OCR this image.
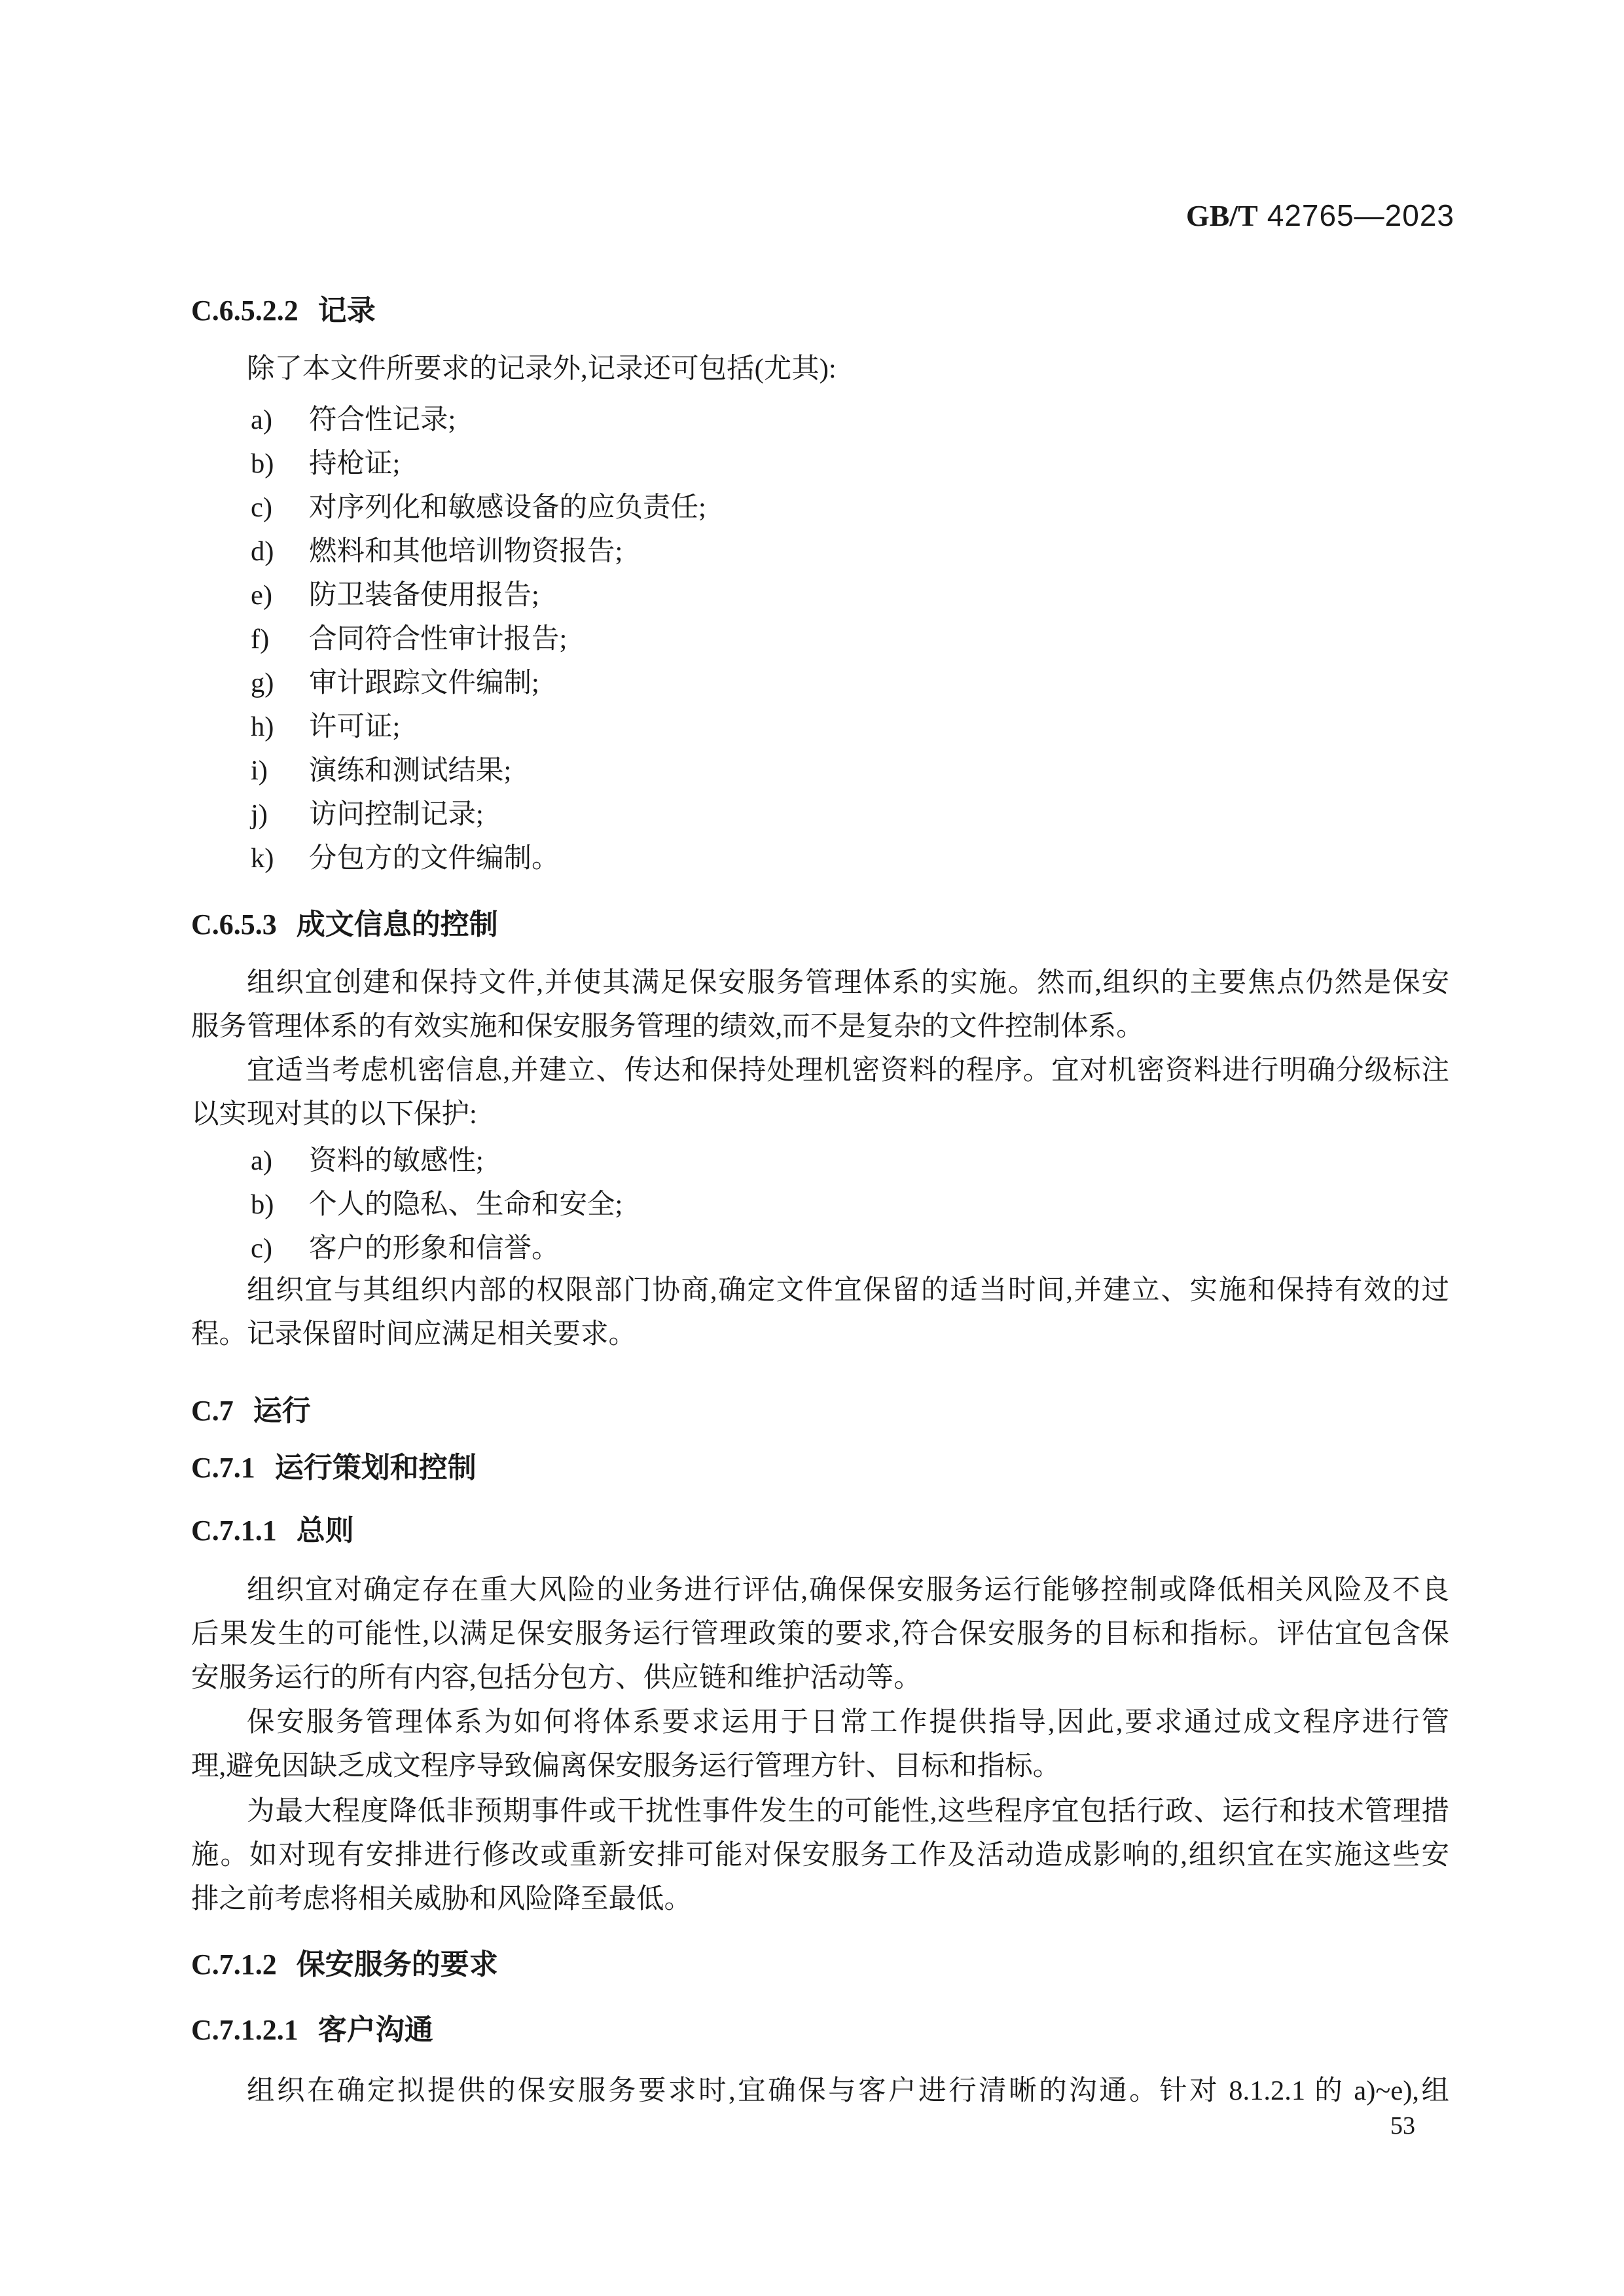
GB/T 42765—2023
C.6.5.2.2 记录
除了本文件所要求的记录外,记录还可包括(尤其):
a) 符合性记录;
b) 持枪证;
c) 对序列化和敏感设备的应负责任;
d) 燃料和其他培训物资报告;
e) 防卫装备使用报告;
f) 合同符合性审计报告;
g) 审计跟踪文件编制;
h) 许可证;
i) 演练和测试结果;
j) 访问控制记录;
k) 分包方的文件编制。
C.6.5.3 成文信息的控制
组织宜创建和保持文件,并使其满足保安服务管理体系的实施。然而,组织的主要焦点仍然是保安
服务管理体系的有效实施和保安服务管理的绩效,而不是复杂的文件控制体系。
宜适当考虑机密信息,并建立、传达和保持处理机密资料的程序。宜对机密资料进行明确分级标注
以实现对其的以下保护:
a) 资料的敏感性;
b) 个人的隐私、生命和安全;
c) 客户的形象和信誉。
组织宜与其组织内部的权限部门协商,确定文件宜保留的适当时间,并建立、实施和保持有效的过
程。记录保留时间应满足相关要求。
C.7 运行
C.7.1 运行策划和控制
C.7.1.1 总则
组织宜对确定存在重大风险的业务进行评估,确保保安服务运行能够控制或降低相关风险及不良
后果发生的可能性,以满足保安服务运行管理政策的要求,符合保安服务的目标和指标。评估宜包含保
安服务运行的所有内容,包括分包方、供应链和维护活动等。
保安服务管理体系为如何将体系要求运用于日常工作提供指导,因此,要求通过成文程序进行管
理,避免因缺乏成文程序导致偏离保安服务运行管理方针、目标和指标。
为最大程度降低非预期事件或干扰性事件发生的可能性,这些程序宜包括行政、运行和技术管理措
施。如对现有安排进行修改或重新安排可能对保安服务工作及活动造成影响的,组织宜在实施这些安
排之前考虑将相关威胁和风险降至最低。
C.7.1.2 保安服务的要求
C.7.1.2.1 客户沟通
组织在确定拟提供的保安服务要求时,宜确保与客户进行清晰的沟通。针对 8.1.2.1 的 a)~e),组
53
